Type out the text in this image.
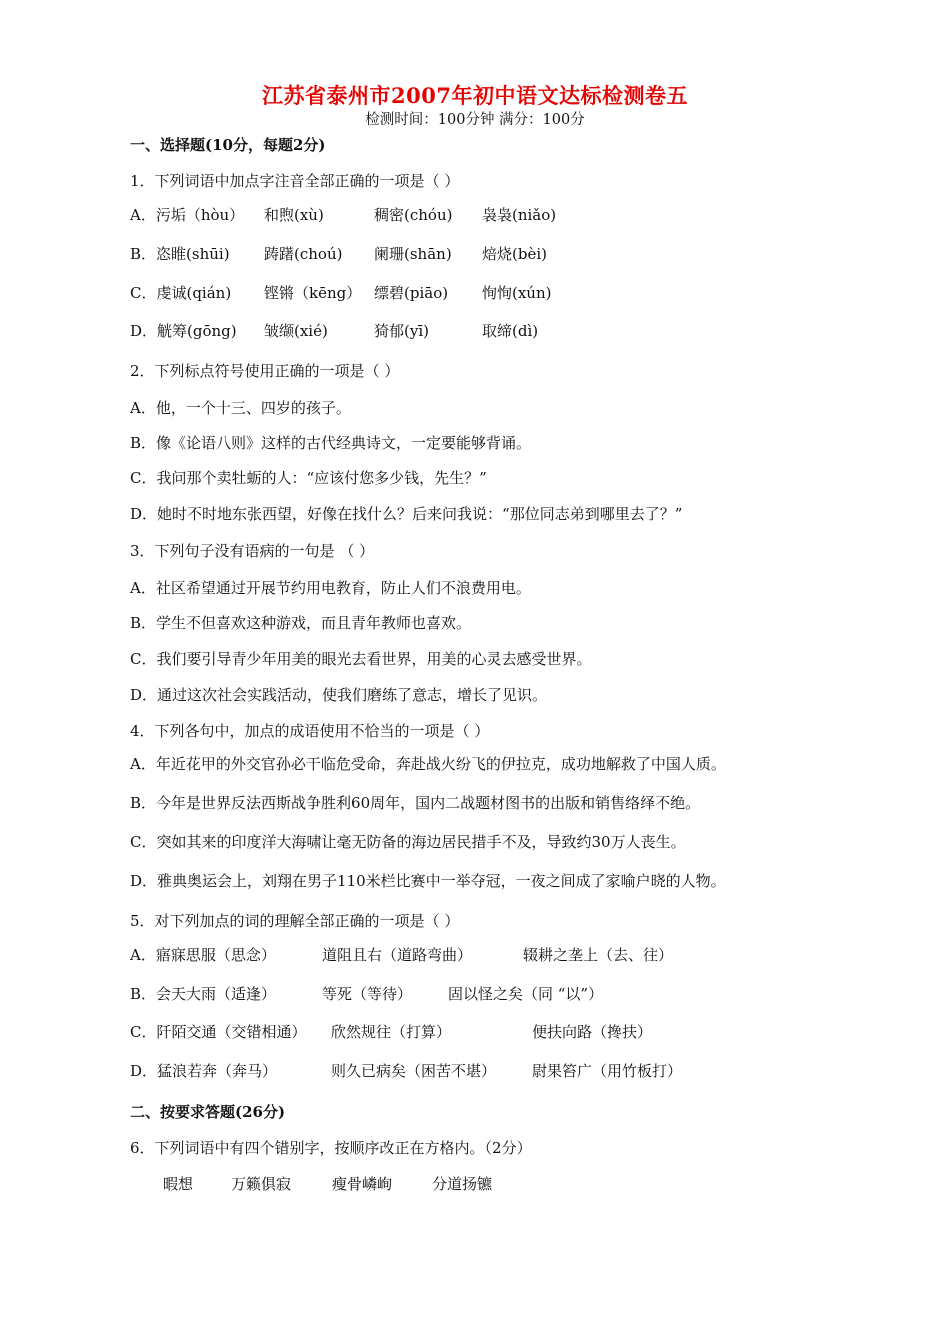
江苏省泰州市2007年初中语文达标检测卷五
检测时间：100分钟 满分：100分
一、选择题(10分，每题2分)
1．下列词语中加点字注音全部正确的一项是（ ）
A．污垢（hòu） 和煦(xù)	稠密(chóu) 袅袅(niǎo)
B．恣睢(shūi) 踌躇(choú) 阑珊(shān) 焙烧(bèi)
C．虔诚(qián) 铿锵（kēng） 缥碧(piāo) 恂恂(xún)
D．觥筹(gōng) 皱缬(xié)	猗郁(yī)	取缔(dì)
2．下列标点符号使用正确的一项是（ ）
A．他，一个十三、四岁的孩子。
B．像《论语八则》这样的古代经典诗文，一定要能够背诵。
C．我问那个卖牡蛎的人：“应该付您多少钱，先生？”
D．她时不时地东张西望，好像在找什么？后来问我说：“那位同志弟到哪里去了？”
3．下列句子没有语病的一句是 （ ）
A．社区希望通过开展节约用电教育，防止人们不浪费用电。
B．学生不但喜欢这种游戏，而且青年教师也喜欢。
C．我们要引导青少年用美的眼光去看世界，用美的心灵去感受世界。
D．通过这次社会实践活动，使我们磨练了意志，增长了见识。
4．下列各句中，加点的成语使用不恰当的一项是（ ）
A．年近花甲的外交官孙必干临危受命，奔赴战火纷飞的伊拉克，成功地解救了中国人质。
B．今年是世界反法西斯战争胜利60周年，国内二战题材图书的出版和销售络绎不绝。
C．突如其来的印度洋大海啸让毫无防备的海边居民措手不及，导致约30万人丧生。
D．雅典奥运会上，刘翔在男子110米栏比赛中一举夺冠，一夜之间成了家喻户晓的人物。
5．对下列加点的词的理解全部正确的一项是（ ）
A．寤寐思服（思念）	道阻且右（道路弯曲）	辍耕之垄上（去、往）
B．会天大雨（适逢）	等死（等待） 固以怪之矣（同 “以”）
C．阡陌交通（交错相通） 欣然规往（打算）	便扶向路（搀扶）
D．猛浪若奔（奔马）	则久已病矣（困苦不堪） 尉果笞广（用竹板打）
二、按要求答题(26分)
6．下列词语中有四个错别字，按顺序改正在方格内。（2分）
暇想	万籁俱寂	瘦骨嶙峋	分道扬镳
